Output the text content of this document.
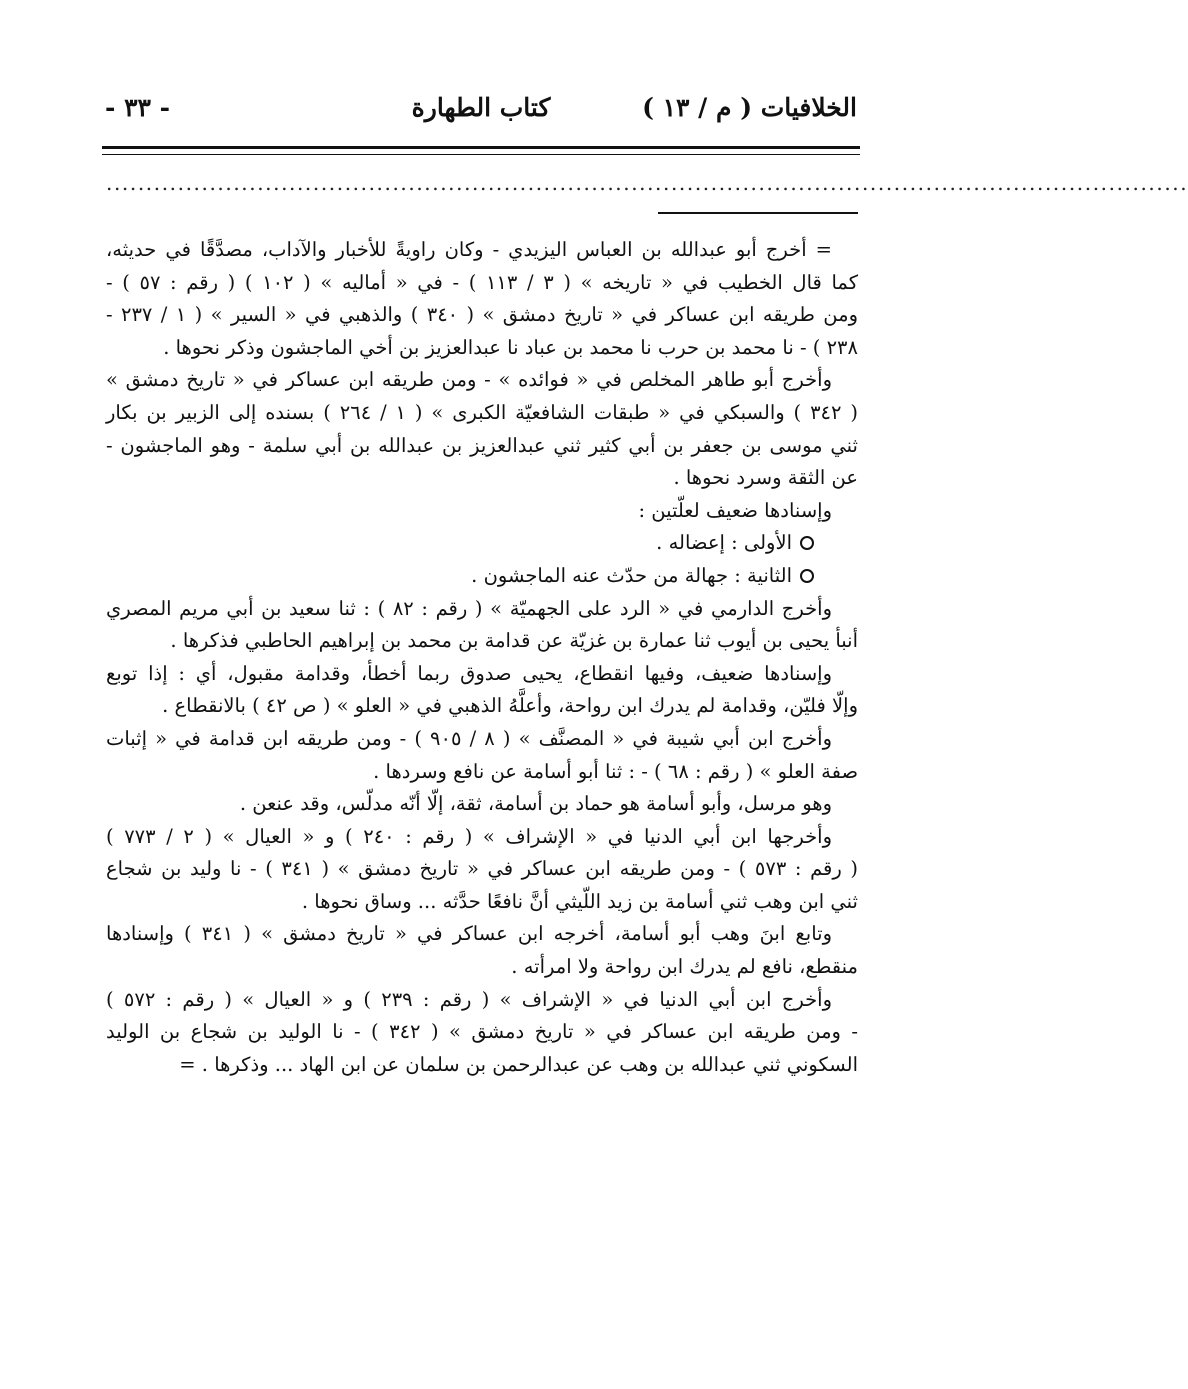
الخلافيات ( م / ١٣ )
كتاب الطهارة
- ٣٣ -
........................................................................................................................................
= أخرج أبو عبدالله بن العباس اليزيدي - وكان راويةً للأخبار والآداب، مصدَّقًا في حديثه،
كما قال الخطيب في « تاريخه » ( ٣ / ١١٣ ) - في « أماليه » ( ١٠٢ ) ( رقم : ٥٧ ) -
ومن طريقه ابن عساكر في « تاريخ دمشق » ( ٣٤٠ ) والذهبي في « السير » ( ١ / ٢٣٧ -
٢٣٨ ) - نا محمد بن حرب نا محمد بن عباد نا عبدالعزيز بن أخي الماجشون وذكر نحوها .
وأخرج أبو طاهر المخلص في « فوائده » - ومن طريقه ابن عساكر في « تاريخ دمشق »
( ٣٤٢ ) والسبكي في « طبقات الشافعيّة الكبرى » ( ١ / ٢٦٤ ) بسنده إلى الزبير بن بكار
ثني موسى بن جعفر بن أبي كثير ثني عبدالعزيز بن عبدالله بن أبي سلمة - وهو الماجشون -
عن الثقة وسرد نحوها .
وإسنادها ضعيف لعلّتين :
الأولى : إعضاله .
الثانية : جهالة من حدّث عنه الماجشون .
وأخرج الدارمي في « الرد على الجهميّة » ( رقم : ٨٢ ) : ثنا سعيد بن أبي مريم المصري
أنبأ يحيى بن أيوب ثنا عمارة بن غزيّة عن قدامة بن محمد بن إبراهيم الحاطبي فذكرها .
وإسنادها ضعيف، وفيها انقطاع، يحيى صدوق ربما أخطأ، وقدامة مقبول، أي : إذا توبع
وإلّا فليّن، وقدامة لم يدرك ابن رواحة، وأعلَّهُ الذهبي في « العلو » ( ص ٤٢ ) بالانقطاع .
وأخرج ابن أبي شيبة في « المصنَّف » ( ٨ / ٩٠٥ ) - ومن طريقه ابن قدامة في « إثبات
صفة العلو » ( رقم : ٦٨ ) - : ثنا أبو أسامة عن نافع وسردها .
وهو مرسل، وأبو أسامة هو حماد بن أسامة، ثقة، إلّا أنّه مدلّس، وقد عنعن .
وأخرجها ابن أبي الدنيا في « الإشراف » ( رقم : ٢٤٠ ) و « العيال » ( ٢ / ٧٧٣ )
( رقم : ٥٧٣ ) - ومن طريقه ابن عساكر في « تاريخ دمشق » ( ٣٤١ ) - نا وليد بن شجاع
ثني ابن وهب ثني أسامة بن زيد اللّيثي أنَّ نافعًا حدَّثه ... وساق نحوها .
وتابع ابنَ وهب أبو أسامة، أخرجه ابن عساكر في « تاريخ دمشق » ( ٣٤١ ) وإسنادها
منقطع، نافع لم يدرك ابن رواحة ولا امرأته .
وأخرج ابن أبي الدنيا في « الإشراف » ( رقم : ٢٣٩ ) و « العيال » ( رقم : ٥٧٢ )
- ومن طريقه ابن عساكر في « تاريخ دمشق » ( ٣٤٢ ) - نا الوليد بن شجاع بن الوليد
السكوني ثني عبدالله بن وهب عن عبدالرحمن بن سلمان عن ابن الهاد ... وذكرها . =
